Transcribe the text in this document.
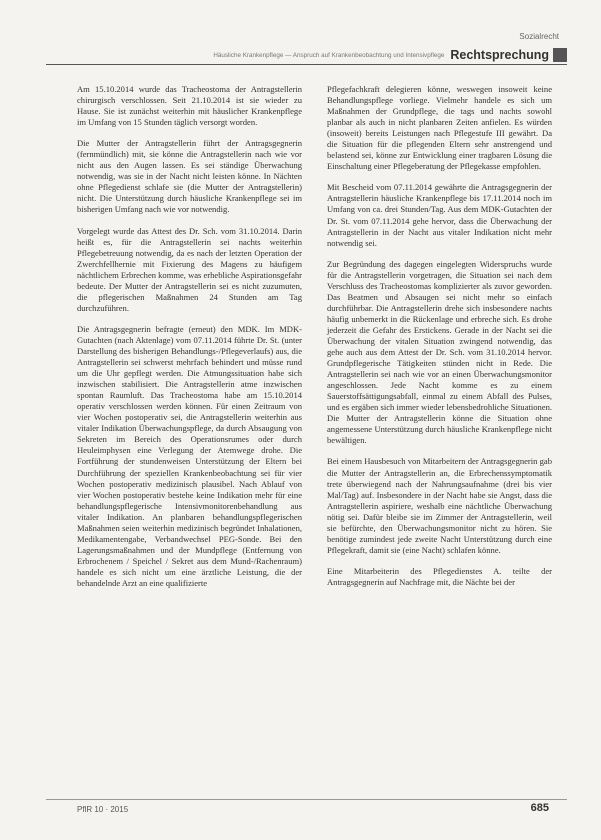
Sozialrecht
Häusliche Krankenpflege — Anspruch auf Krankenbeobachtung und Intensivpflege Rechtsprechung

Am 15.10.2014 wurde das Tracheostoma der Antragstellerin chirurgisch verschlossen. Seit 21.10.2014 ist sie wieder zu Hause. Sie ist zunächst weiterhin mit häuslicher Krankenpflege im Umfang von 15 Stunden täglich versorgt worden.

Die Mutter der Antragstellerin führt der Antragsgegnerin (fernmündlich) mit, sie könne die Antragstellerin nach wie vor nicht aus den Augen lassen. Es sei ständige Überwachung notwendig, was sie in der Nacht nicht leisten könne. In Nächten ohne Pflegedienst schlafe sie (die Mutter der Antragstellerin) nicht. Die Unterstützung durch häusliche Krankenpflege sei im bisherigen Umfang nach wie vor notwendig.

Vorgelegt wurde das Attest des Dr. Sch. vom 31.10.2014. Darin heißt es, für die Antragstellerin sei nachts weiterhin Pflegebetreuung notwendig, da es nach der letzten Operation der Zwerchfellhernie mit Fixierung des Magens zu häufigem nächtlichem Erbrechen komme, was erhebliche Aspirationsgefahr bedeute. Der Mutter der Antragstellerin sei es nicht zuzumuten, die pflegerischen Maßnahmen 24 Stunden am Tag durchzuführen.

Die Antragsgegnerin befragte (erneut) den MDK. Im MDK-Gutachten (nach Aktenlage) vom 07.11.2014 führte Dr. St. (unter Darstellung des bisherigen Behandlungs-/Pflegeverlaufs) aus, die Antragstellerin sei schwerst mehrfach behindert und müsse rund um die Uhr gepflegt werden. Die Atmungssituation habe sich inzwischen stabilisiert. Die Antragstellerin atme inzwischen spontan Raumluft. Das Tracheostoma habe am 15.10.2014 operativ verschlossen werden können. Für einen Zeitraum von vier Wochen postoperativ sei, die Antragstellerin weiterhin aus vitaler Indikation Überwachungspflege, da durch Absaugung von Sekreten im Bereich des Operationsrumes oder durch Heuleimphysen eine Verlegung der Atemwege drohe. Die Fortführung der stundenweisen Unterstützung der Eltern bei Durchführung der speziellen Krankenbeobachtung sei für vier Wochen postoperativ medizinisch plausibel. Nach Ablauf von vier Wochen postoperativ bestehe keine Indikation mehr für eine behandlungspflegerische Intensivmonitorenbehandlung aus vitaler Indikation. An planbaren behandlungspflegerischen Maßnahmen seien weiterhin medizinisch begründet Inhalationen, Medikamentengabe, Verbandwechsel PEG-Sonde. Bei den Lagerungsmaßnahmen und der Mundpflege (Entfernung von Erbrochenem / Speichel / Sekret aus dem Mund-/Rachenraum) handele es sich nicht um eine ärztliche Leistung, die der behandelnde Arzt an eine qualifizierte

Pflegefachkraft delegieren könne, weswegen insoweit keine Behandlungspflege vorliege. Vielmehr handele es sich um Maßnahmen der Grundpflege, die tags und nachts sowohl planbar als auch in nicht planbaren Zeiten anfielen. Es würden (insoweit) bereits Leistungen nach Pflegestufe III gewährt. Da die Situation für die pflegenden Eltern sehr anstrengend und belastend sei, könne zur Entwicklung einer tragbaren Lösung die Einschaltung einer Pflegeberatung der Pflegekasse empfohlen.

Mit Bescheid vom 07.11.2014 gewährte die Antragsgegnerin der Antragstellerin häusliche Krankenpflege bis 17.11.2014 noch im Umfang von ca. drei Stunden/Tag. Aus dem MDK-Gutachten der Dr. St. vom 07.11.2014 gehe hervor, dass die Überwachung der Antragstellerin in der Nacht aus vitaler Indikation nicht mehr notwendig sei.

Zur Begründung des dagegen eingelegten Widerspruchs wurde für die Antragstellerin vorgetragen, die Situation sei nach dem Verschluss des Tracheostomas komplizierter als zuvor geworden. Das Beatmen und Absaugen sei nicht mehr so einfach durchführbar. Die Antragstellerin drehe sich insbesondere nachts häufig unbemerkt in die Rückenlage und erbreche sich. Es drohe jederzeit die Gefahr des Erstickens. Gerade in der Nacht sei die Überwachung der vitalen Situation zwingend notwendig, das gehe auch aus dem Attest der Dr. Sch. vom 31.10.2014 hervor. Grundpflegerische Tätigkeiten stünden nicht in Rede. Die Antragstellerin sei nach wie vor an einen Überwachungsmonitor angeschlossen. Jede Nacht komme es zu einem Sauerstoffsättigungsabfall, einmal zu einem Abfall des Pulses, und es ergäben sich immer wieder lebensbedrohliche Situationen. Die Mutter der Antragstellerin könne die Situation ohne angemessene Unterstützung durch häusliche Krankenpflege nicht bewältigen.

Bei einem Hausbesuch von Mitarbeitern der Antragsgegnerin gab die Mutter der Antragstellerin an, die Erbrechenssymptomatik trete überwiegend nach der Nahrungsaufnahme (drei bis vier Mal/Tag) auf. Insbesondere in der Nacht habe sie Angst, dass die Antragstellerin aspiriere, weshalb eine nächtliche Überwachung nötig sei. Dafür bleibe sie im Zimmer der Antragstellerin, weil sie befürchte, den Überwachungsmonitor nicht zu hören. Sie benötige zumindest jede zweite Nacht Unterstützung durch eine Pflegekraft, damit sie (eine Nacht) schlafen könne.

Eine Mitarbeiterin des Pflegedienstes A. teilte der Antragsgegnerin auf Nachfrage mit, die Nächte bei der

PflR 10 · 2015	685
